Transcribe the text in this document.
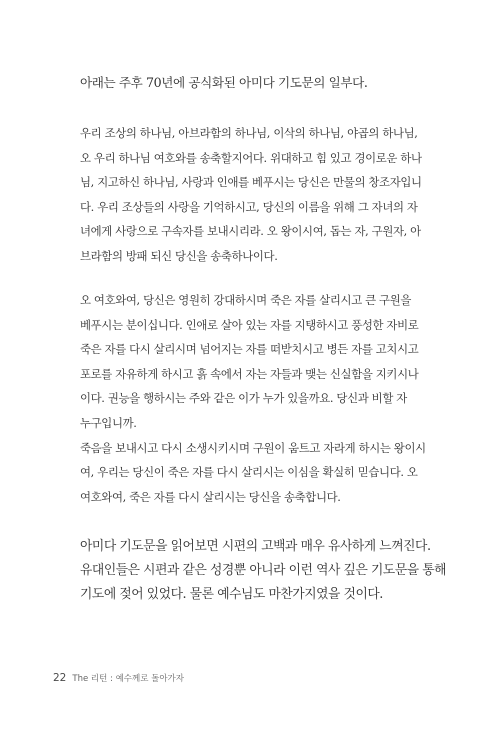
아래는 주후 70년에 공식화된 아미다 기도문의 일부다.

우리 조상의 하나님, 아브라함의 하나님, 이삭의 하나님, 야곱의 하나님,
오 우리 하나님 여호와를 송축할지어다. 위대하고 힘 있고 경이로운 하나
님, 지고하신 하나님, 사랑과 인애를 베푸시는 당신은 만물의 창조자입니
다. 우리 조상들의 사랑을 기억하시고, 당신의 이름을 위해 그 자녀의 자
녀에게 사랑으로 구속자를 보내시리라. 오 왕이시여, 돕는 자, 구원자, 아
브라함의 방패 되신 당신을 송축하나이다.
오 여호와여, 당신은 영원히 강대하시며 죽은 자를 살리시고 큰 구원을
베푸시는 분이십니다. 인애로 살아 있는 자를 지탱하시고 풍성한 자비로
죽은 자를 다시 살리시며 넘어지는 자를 떠받치시고 병든 자를 고치시고
포로를 자유하게 하시고 흙 속에서 자는 자들과 맺는 신실함을 지키시나
이다. 권능을 행하시는 주와 같은 이가 누가 있을까요. 당신과 비할 자
누구입니까.
죽음을 보내시고 다시 소생시키시며 구원이 움트고 자라게 하시는 왕이시
여, 우리는 당신이 죽은 자를 다시 살리시는 이심을 확실히 믿습니다. 오
여호와여, 죽은 자를 다시 살리시는 당신을 송축합니다.
아미다 기도문을 읽어보면 시편의 고백과 매우 유사하게 느껴진다.
유대인들은 시편과 같은 성경뿐 아니라 이런 역사 깊은 기도문을 통해
기도에 젖어 있었다. 물론 예수님도 마찬가지였을 것이다.
22 The 리턴 : 예수께로 돌아가자
